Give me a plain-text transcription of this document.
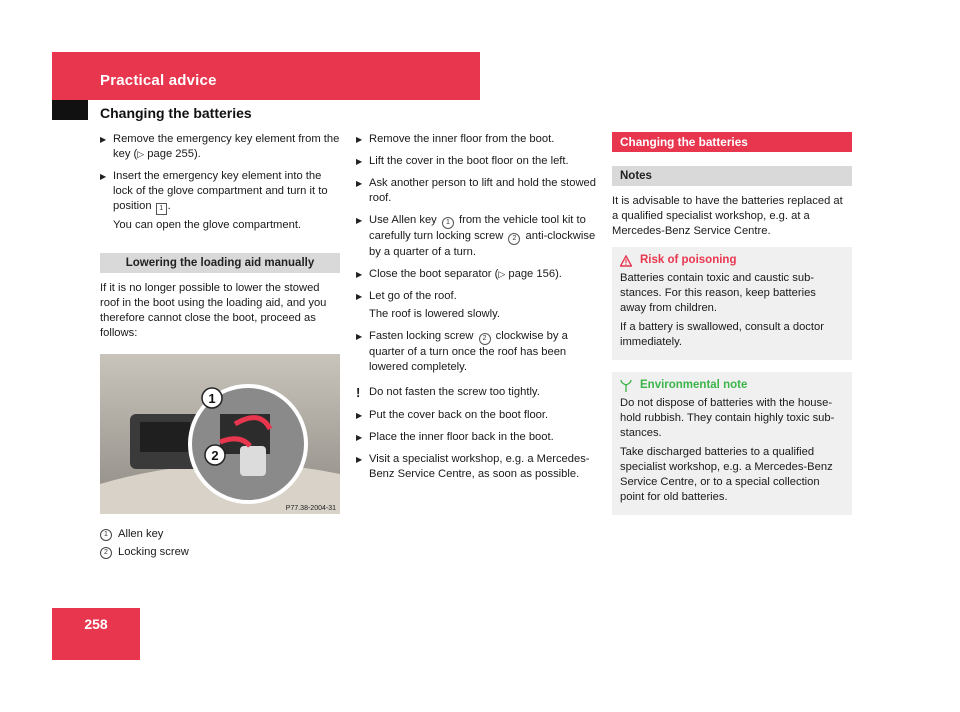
Practical advice
Changing the batteries
▶ Remove the emergency key element from the key (▷ page 255).
▶ Insert the emergency key element into the lock of the glove compartment and turn it to position 1 .
You can open the glove compartment.
Lowering the loading aid manually
If it is no longer possible to lower the stowed roof in the boot using the loading aid, and you therefore cannot close the boot, proceed as follows:
1
2
P77.38-2004-31
1 Allen key
2 Locking screw
▶ Remove the inner floor from the boot.
▶ Lift the cover in the boot floor on the left.
▶ Ask another person to lift and hold the stowed roof.
▶ Use Allen key 1 from the vehicle tool kit to carefully turn locking screw 2 anti-clockwise by a quarter of a turn.
▶ Close the boot separator (▷ page 156).
▶ Let go of the roof.
The roof is lowered slowly.
▶ Fasten locking screw 2 clockwise by a quarter of a turn once the roof has been lowered completely.
! Do not fasten the screw too tightly.
▶ Put the cover back on the boot floor.
▶ Place the inner floor back in the boot.
▶ Visit a specialist workshop, e.g. a Mercedes-Benz Service Centre, as soon as possible.
Changing the batteries
Notes
It is advisable to have the batteries replaced at a qualified specialist workshop, e.g. at a Mercedes-Benz Service Centre.
Risk of poisoning

Batteries contain toxic and caustic sub-stances. For this reason, keep batteries away from children.

If a battery is swallowed, consult a doctor immediately.

Environmental note

Do not dispose of batteries with the house-hold rubbish. They contain highly toxic sub-stances.

Take discharged batteries to a qualified specialist workshop, e.g. a Mercedes-Benz Service Centre, or to a special collection point for old batteries.

258
